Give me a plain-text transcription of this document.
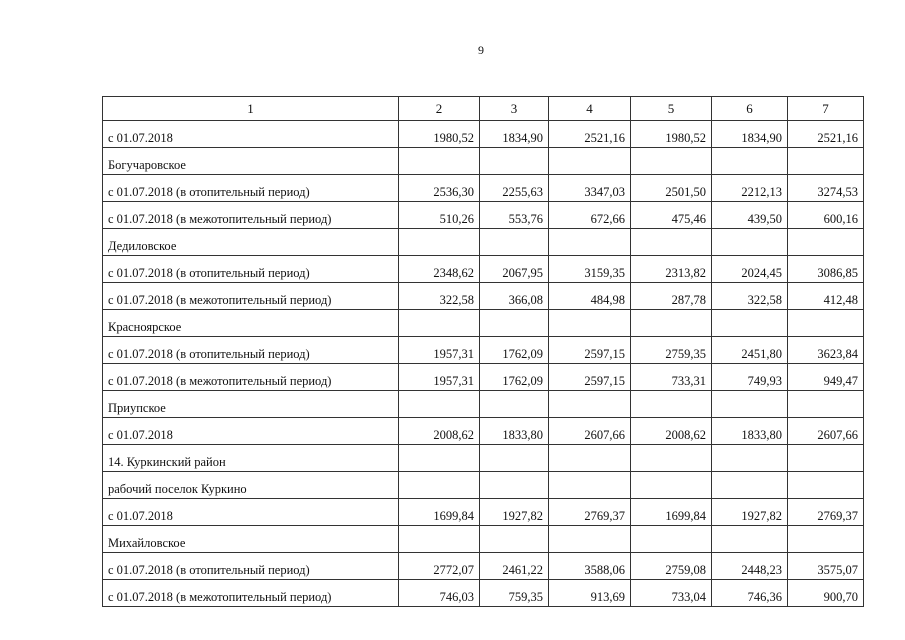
9
1	2	3	4	5	6	7
с 01.07.2018	1980,52	1834,90	2521,16	1980,52	1834,90	2521,16
Богучаровское						
с 01.07.2018 (в отопительный период)	2536,30	2255,63	3347,03	2501,50	2212,13	3274,53
с 01.07.2018 (в межотопительный период)	510,26	553,76	672,66	475,46	439,50	600,16
Дедиловское						
с 01.07.2018 (в отопительный период)	2348,62	2067,95	3159,35	2313,82	2024,45	3086,85
с 01.07.2018 (в межотопительный период)	322,58	366,08	484,98	287,78	322,58	412,48
Красноярское						
с 01.07.2018 (в отопительный период)	1957,31	1762,09	2597,15	2759,35	2451,80	3623,84
с 01.07.2018 (в межотопительный период)	1957,31	1762,09	2597,15	733,31	749,93	949,47
Приупское						
с 01.07.2018	2008,62	1833,80	2607,66	2008,62	1833,80	2607,66
14. Куркинский район						
рабочий поселок Куркино						
с 01.07.2018	1699,84	1927,82	2769,37	1699,84	1927,82	2769,37
Михайловское						
с 01.07.2018 (в отопительный период)	2772,07	2461,22	3588,06	2759,08	2448,23	3575,07
с 01.07.2018 (в межотопительный период)	746,03	759,35	913,69	733,04	746,36	900,70
